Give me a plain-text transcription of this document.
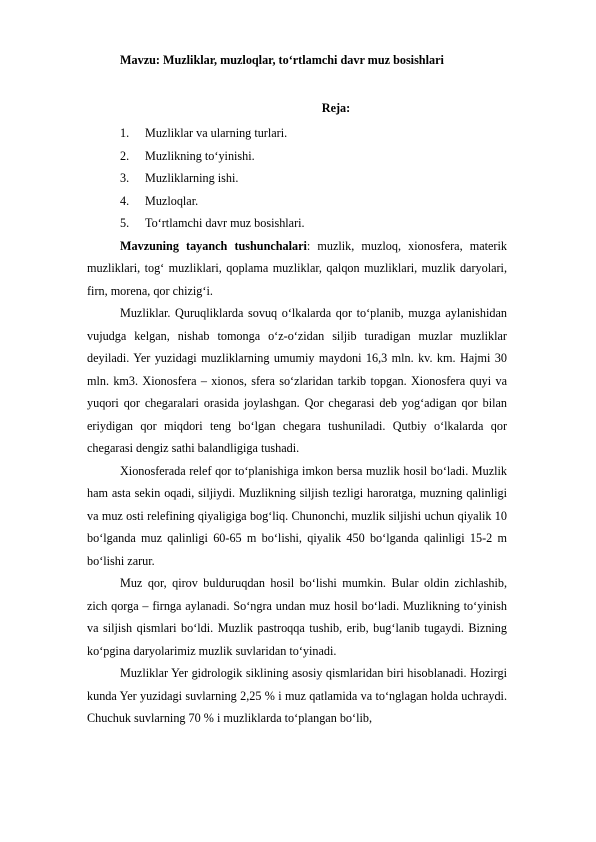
Mavzu: Muzliklar, muzloqlar, to‘rtlamchi davr muz bosishlari
Reja:
1. Muzliklar va ularning turlari.
2. Muzlikning to‘yinishi.
3. Muzliklarning ishi.
4. Muzloqlar.
5. To‘rtlamchi davr muz bosishlari.

Mavzuning tayanch tushunchalari: muzlik, muzloq, xionosfera, materik muzliklari, tog‘ muzliklari, qoplama muzliklar, qalqon muzliklari, muzlik daryolari, firn, morena, qor chizig‘i.

Muzliklar. Quruqliklarda sovuq o‘lkalarda qor to‘planib, muzga aylanishidan vujudga kelgan, nishab tomonga o‘z-o‘zidan siljib turadigan muzlar muzliklar deyiladi. Yer yuzidagi muzliklarning umumiy maydoni 16,3 mln. kv. km. Hajmi 30 mln. km3. Xionosfera – xionos, sfera so‘zlaridan tarkib topgan. Xionosfera quyi va yuqori qor chegaralari orasida joylashgan. Qor chegarasi deb yog‘adigan qor bilan eriydigan qor miqdori teng bo‘lgan chegara tushuniladi. Qutbiy o‘lkalarda qor chegarasi dengiz sathi balandligiga tushadi.

Xionosferada relef qor to‘planishiga imkon bersa muzlik hosil bo‘ladi. Muzlik ham asta sekin oqadi, siljiydi. Muzlikning siljish tezligi haroratga, muzning qalinligi va muz osti relefining qiyaligiga bog‘liq. Chunonchi, muzlik siljishi uchun qiyalik 10 bo‘lganda muz qalinligi 60-65 m bo‘lishi, qiyalik 450 bo‘lganda qalinligi 15-2 m bo‘lishi zarur.

Muz qor, qirov bulduruqdan hosil bo‘lishi mumkin. Bular oldin zichlashib, zich qorga – firnga aylanadi. So‘ngra undan muz hosil bo‘ladi. Muzlikning to‘yinish va siljish qismlari bo‘ldi. Muzlik pastroqqa tushib, erib, bug‘lanib tugaydi. Bizning ko‘pgina daryolarimiz muzlik suvlaridan to‘yinadi.

Muzliklar Yer gidrologik siklining asosiy qismlaridan biri hisoblanadi. Hozirgi kunda Yer yuzidagi suvlarning 2,25 % i muz qatlamida va to‘nglagan holda uchraydi. Chuchuk suvlarning 70 % i muzliklarda to‘plangan bo‘lib,
